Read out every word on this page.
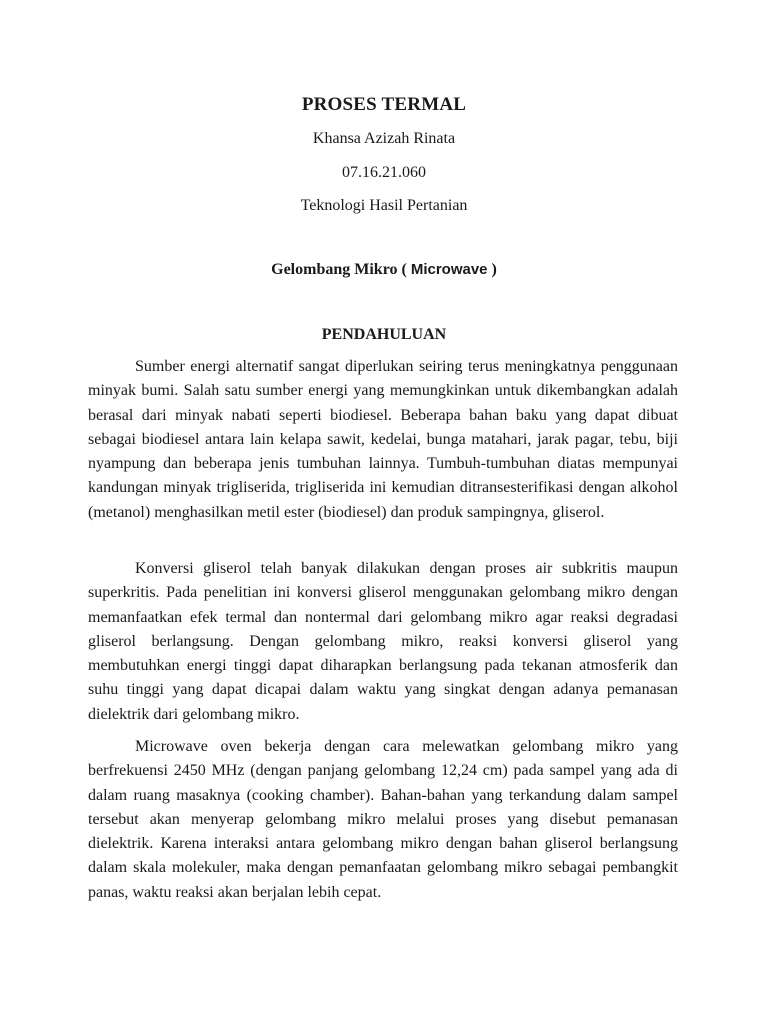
PROSES TERMAL
Khansa Azizah Rinata
07.16.21.060
Teknologi Hasil Pertanian
Gelombang Mikro ( Microwave )
PENDAHULUAN

Sumber energi alternatif sangat diperlukan seiring terus meningkatnya penggunaan minyak bumi. Salah satu sumber energi yang memungkinkan untuk dikembangkan adalah berasal dari minyak nabati seperti biodiesel. Beberapa bahan baku yang dapat dibuat sebagai biodiesel antara lain kelapa sawit, kedelai, bunga matahari, jarak pagar, tebu, biji nyampung dan beberapa jenis tumbuhan lainnya. Tumbuh-tumbuhan diatas mempunyai kandungan minyak trigliserida, trigliserida ini kemudian ditransesterifikasi dengan alkohol (metanol) menghasilkan metil ester (biodiesel) dan produk sampingnya, gliserol.

Konversi gliserol telah banyak dilakukan dengan proses air subkritis maupun superkritis. Pada penelitian ini konversi gliserol menggunakan gelombang mikro dengan memanfaatkan efek termal dan nontermal dari gelombang mikro agar reaksi degradasi gliserol berlangsung. Dengan gelombang mikro, reaksi konversi gliserol yang membutuhkan energi tinggi dapat diharapkan berlangsung pada tekanan atmosferik dan suhu tinggi yang dapat dicapai dalam waktu yang singkat dengan adanya pemanasan dielektrik dari gelombang mikro.

Microwave oven bekerja dengan cara melewatkan gelombang mikro yang berfrekuensi 2450 MHz (dengan panjang gelombang 12,24 cm) pada sampel yang ada di dalam ruang masaknya (cooking chamber). Bahan-bahan yang terkandung dalam sampel tersebut akan menyerap gelombang mikro melalui proses yang disebut pemanasan dielektrik. Karena interaksi antara gelombang mikro dengan bahan gliserol berlangsung dalam skala molekuler, maka dengan pemanfaatan gelombang mikro sebagai pembangkit panas, waktu reaksi akan berjalan lebih cepat.
